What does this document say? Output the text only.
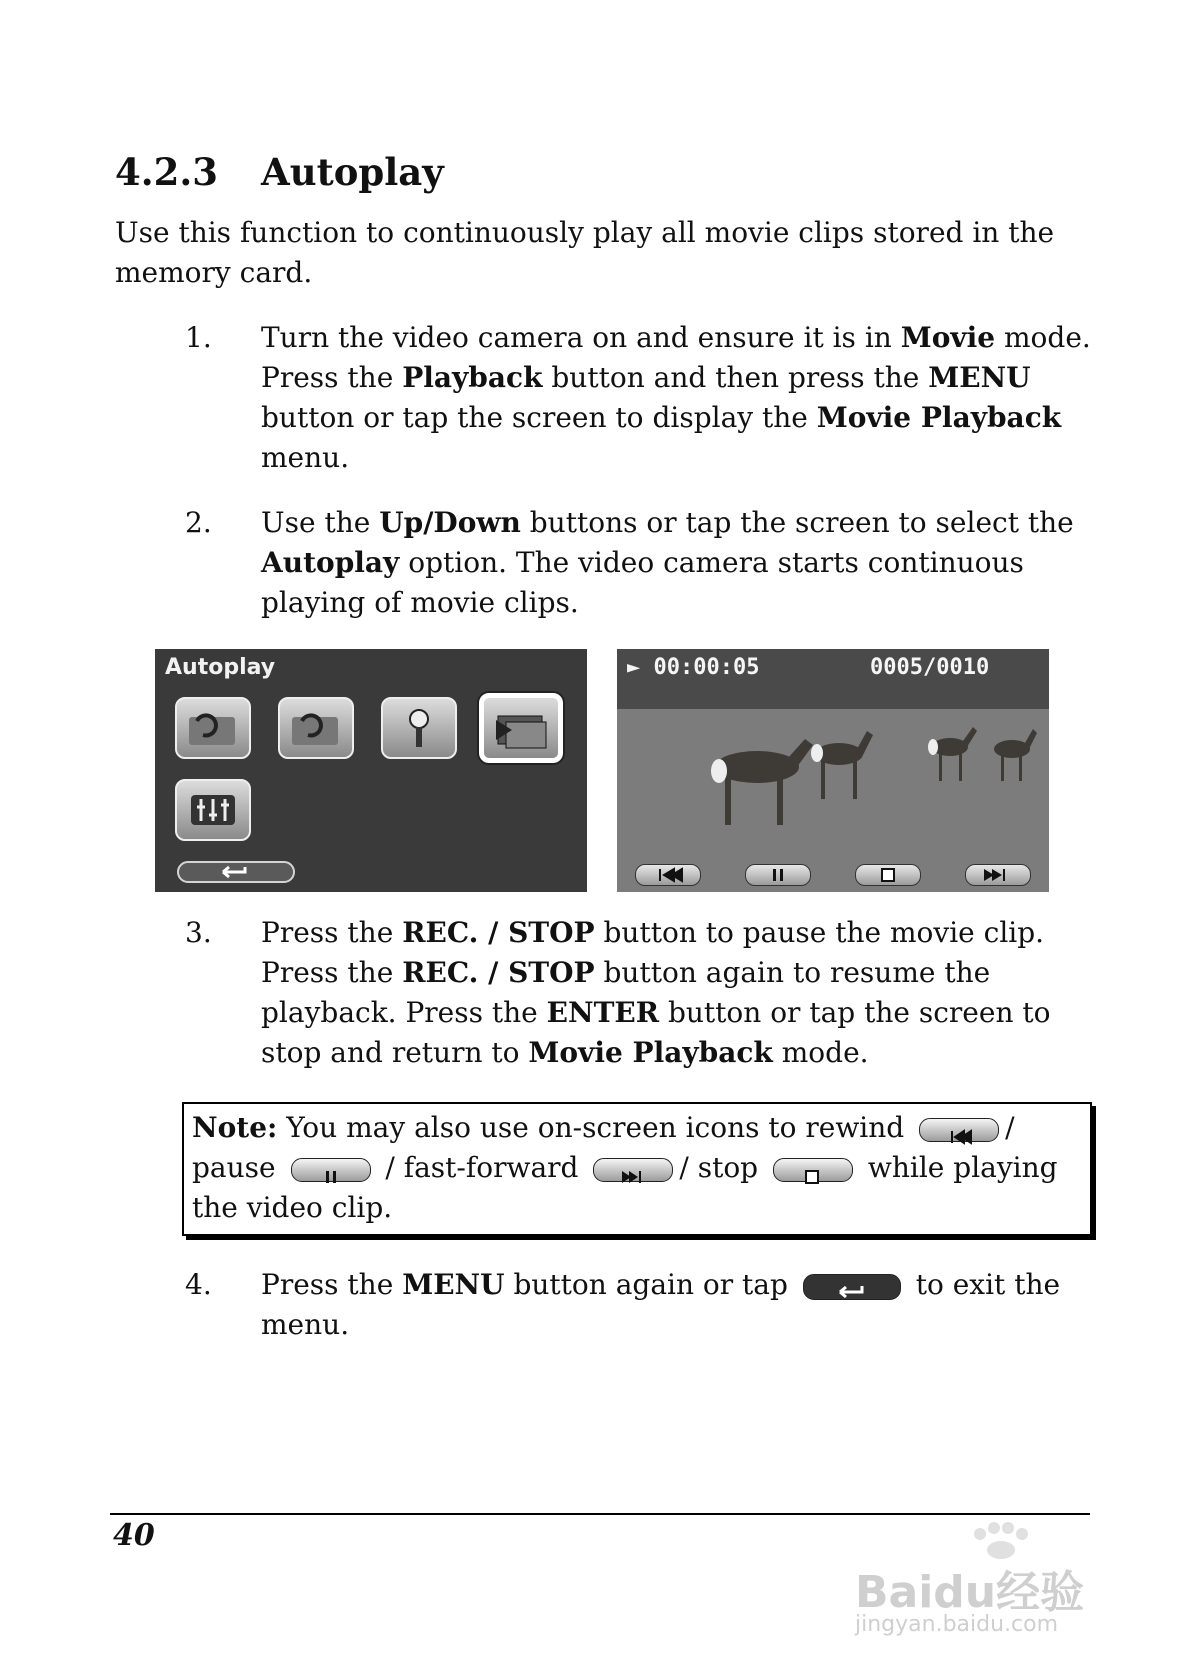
4.2.3 Autoplay
Use this function to continuously play all movie clips stored in the memory card.
1. Turn the video camera on and ensure it is in Movie mode. Press the Playback button and then press the MENU button or tap the screen to display the Movie Playback menu.
2. Use the Up/Down buttons or tap the screen to select the Autoplay option. The video camera starts continuous playing of movie clips.
Autoplay	► 00:00:05	0005/0010
3. Press the REC. / STOP button to pause the movie clip. Press the REC. / STOP button again to resume the playback. Press the ENTER button or tap the screen to stop and return to Movie Playback mode.
Note: You may also use on-screen icons to rewind	/ pause	/ fast-forward	/ stop	while playing the video clip.
4. Press the MENU button again or tap	to exit the menu.
40
Baidu经验
jingyan.baidu.com
